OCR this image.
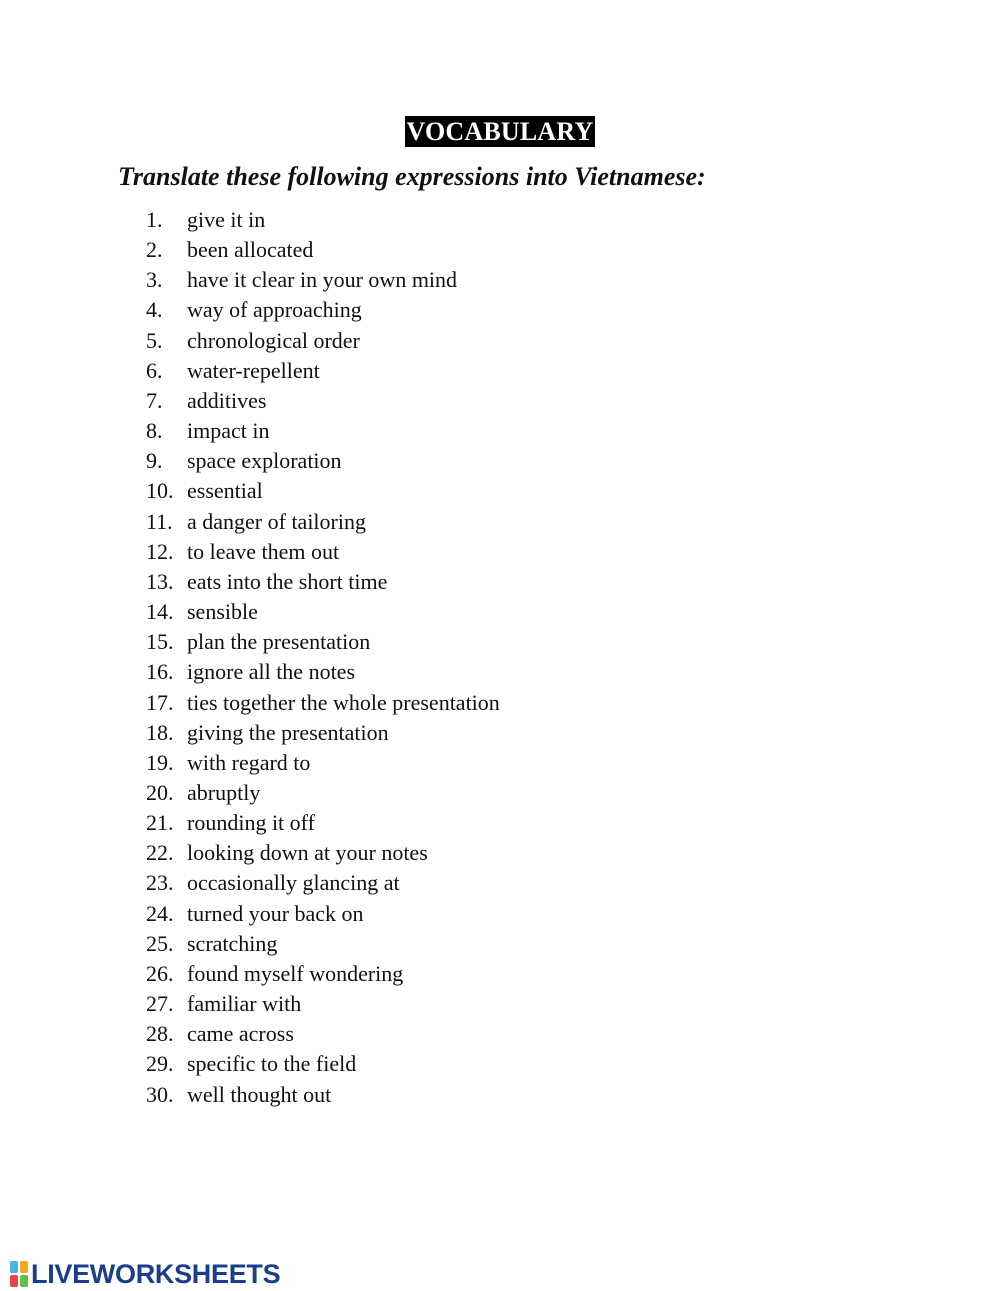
VOCABULARY
Translate these following expressions into Vietnamese:
1.	give it in
2.	been allocated
3.	have it clear in your own mind
4.	way of approaching
5.	chronological order
6.	water-repellent
7.	additives
8.	impact in
9.	space exploration
10. essential
11. a danger of tailoring
12. to leave them out
13. eats into the short time
14. sensible
15. plan the presentation
16. ignore all the notes
17. ties together the whole presentation
18. giving the presentation
19. with regard to
20. abruptly
21. rounding it off
22. looking down at your notes
23. occasionally glancing at
24. turned your back on
25. scratching
26. found myself wondering
27. familiar with
28. came across
29. specific to the field
30. well thought out
LIVEWORKSHEETS
